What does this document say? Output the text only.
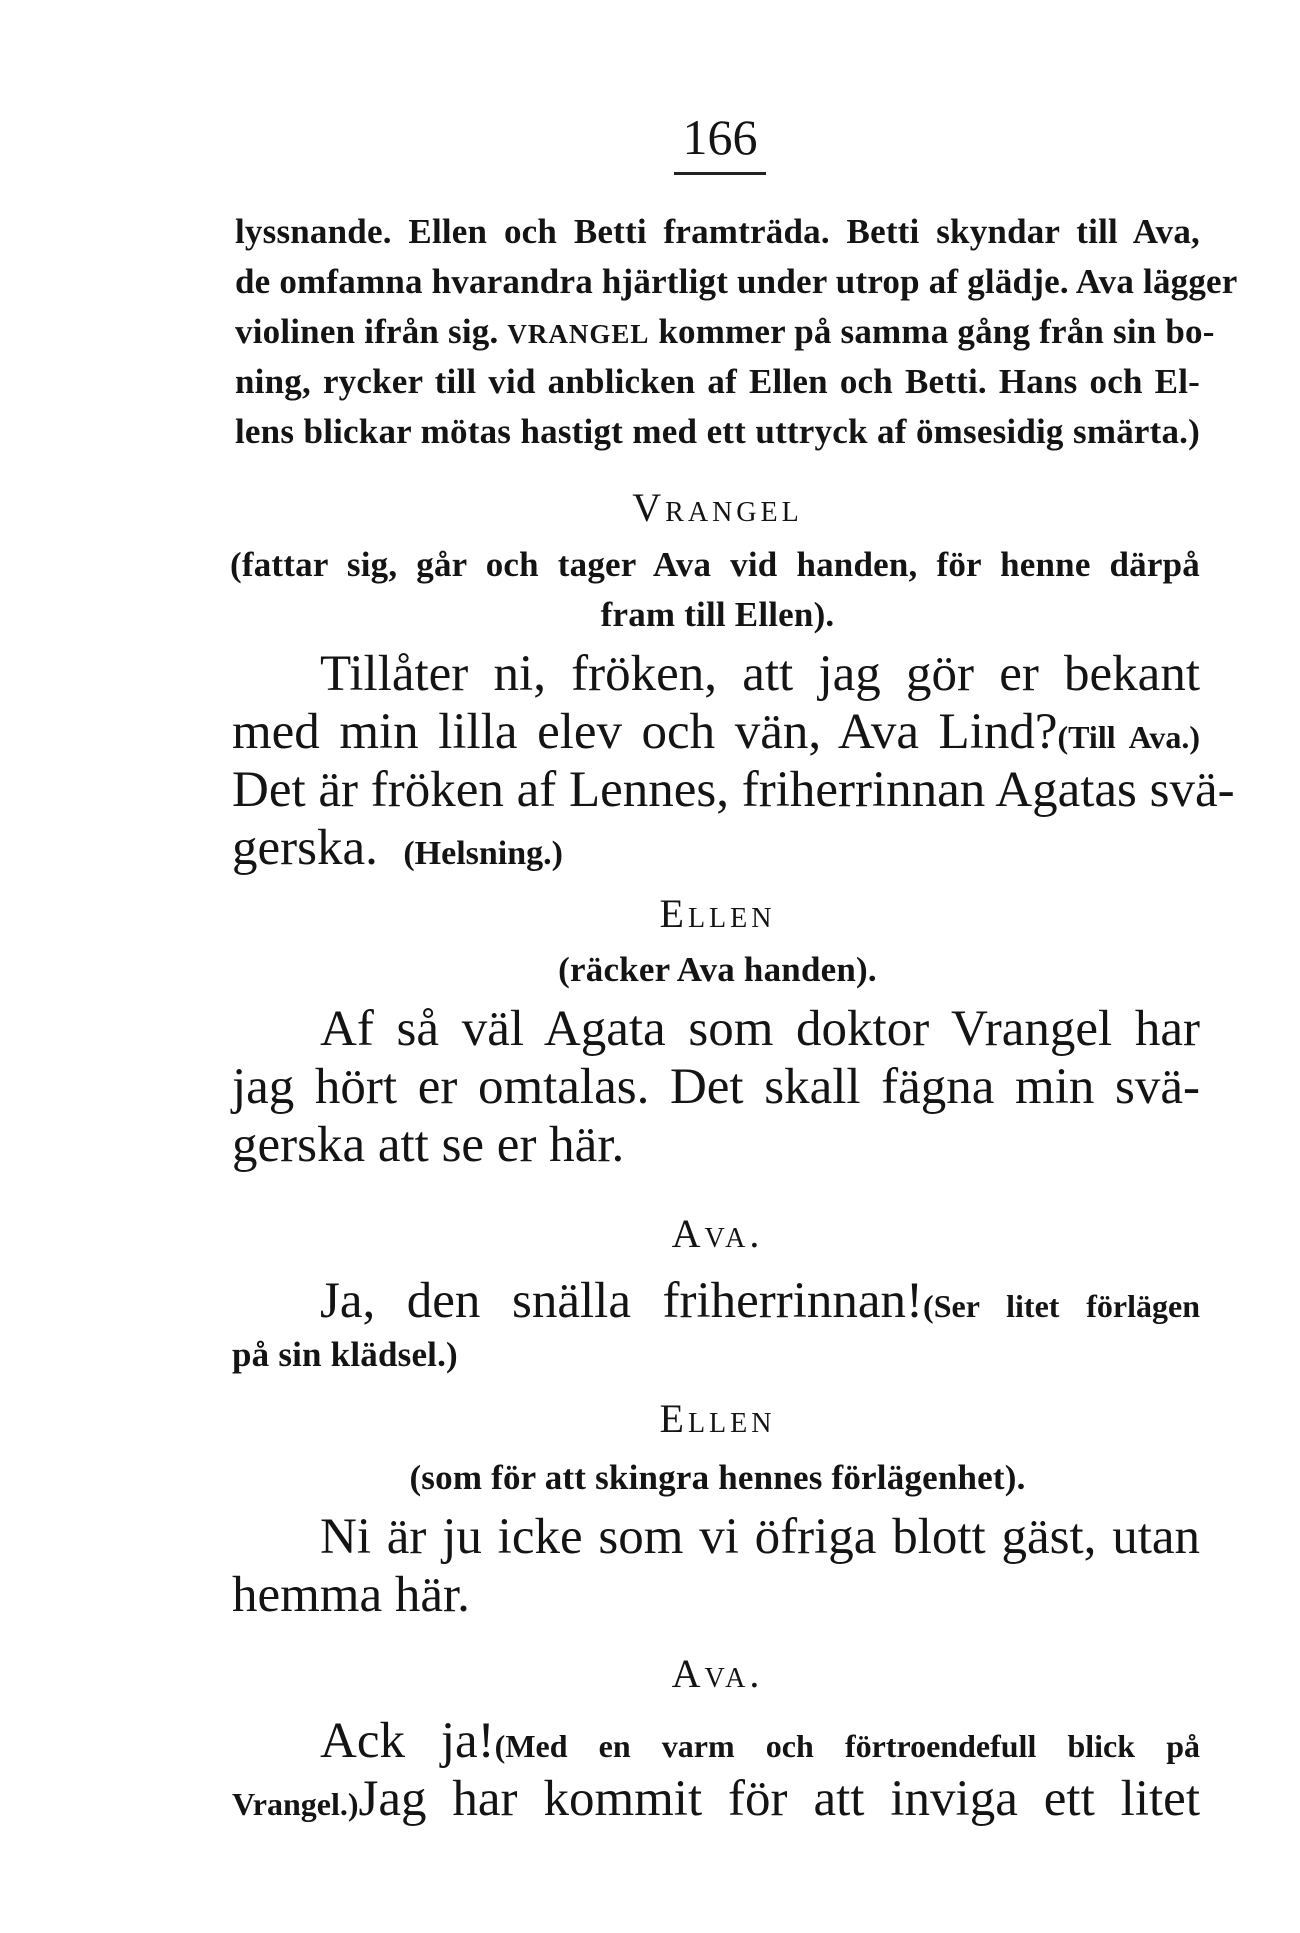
166
lyssnande. Ellen och Betti framträda. Betti skyndar till Ava,
de omfamna hvarandra hjärtligt under utrop af glädje. Ava lägger
violinen ifrån sig. VRANGEL kommer på samma gång från sin bo-
ning, rycker till vid anblicken af Ellen och Betti. Hans och El-
lens blickar mötas hastigt med ett uttryck af ömsesidig smärta.)
Vrangel
(fattar sig, går och tager Ava vid handen, för henne därpå
fram till Ellen).
Tillåter ni, fröken, att jag gör er bekant
med min lilla elev och vän, Ava Lind?(Till Ava.)
Det är fröken af Lennes, friherrinnan Agatas svä-
gerska. (Helsning.)
Ellen
(räcker Ava handen).
Af så väl Agata som doktor Vrangel har
jag hört er omtalas. Det skall fägna min svä-
gerska att se er här.
Ava.
Ja, den snälla friherrinnan!(Ser litet förlägen
på sin klädsel.)
Ellen
(som för att skingra hennes förlägenhet).
Ni är ju icke som vi öfriga blott gäst, utan
hemma här.
Ava.
Ack ja!(Med en varm och förtroendefull blick på
Vrangel.)Jag har kommit för att inviga ett litet
